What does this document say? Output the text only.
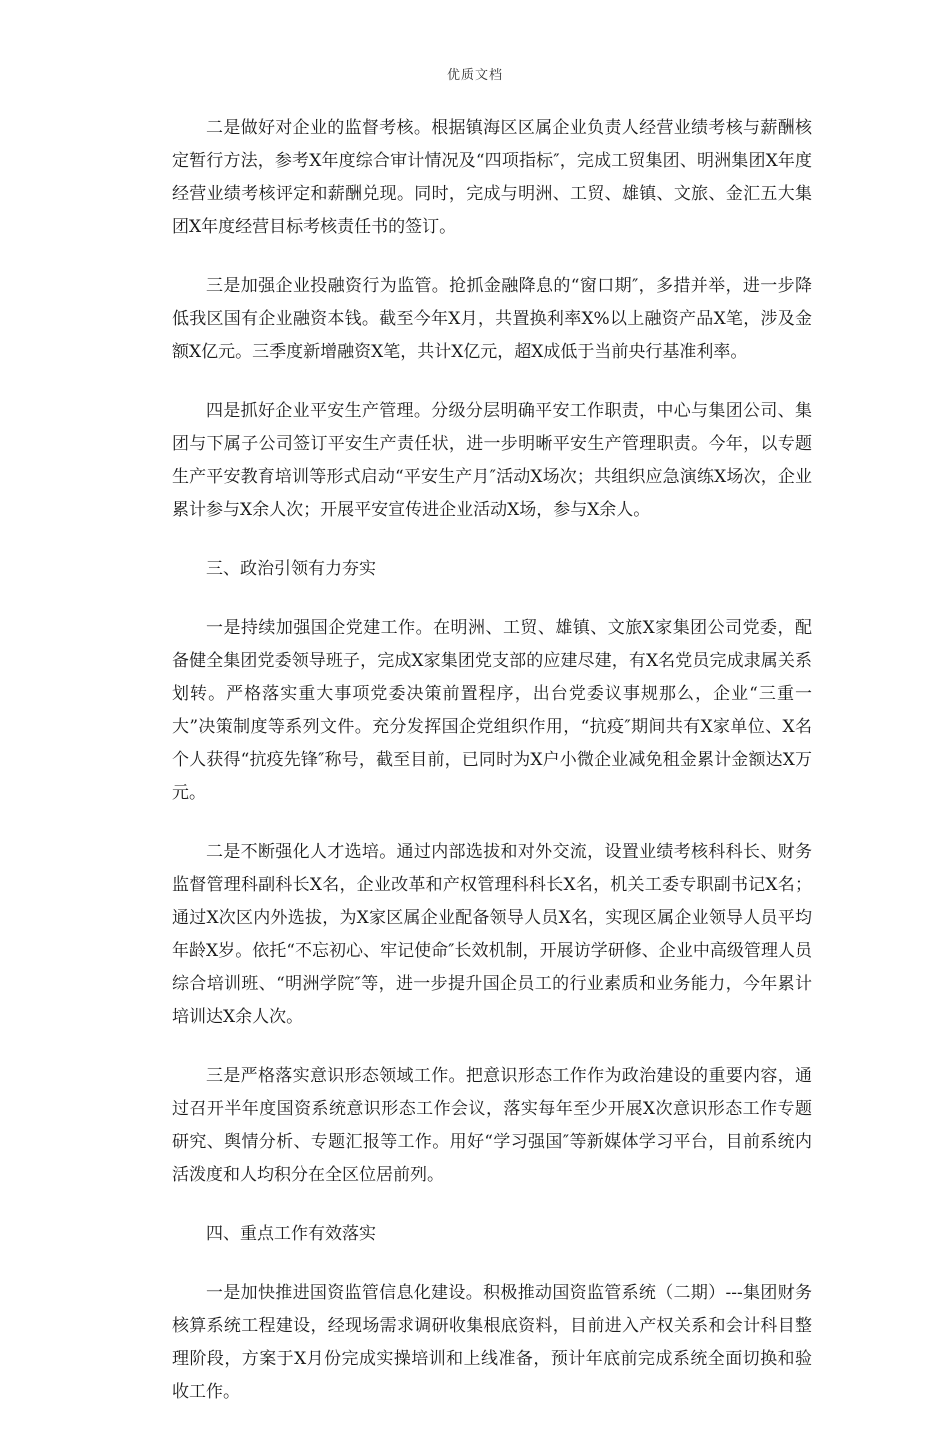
优质文档

二是做好对企业的监督考核。根据镇海区区属企业负责人经营业绩考核与薪酬核定暂行方法，参考X年度综合审计情况及“四项指标″，完成工贸集团、明洲集团X年度经营业绩考核评定和薪酬兑现。同时，完成与明洲、工贸、雄镇、文旅、金汇五大集团X年度经营目标考核责任书的签订。

三是加强企业投融资行为监管。抢抓金融降息的“窗口期″，多措并举，进一步降低我区国有企业融资本钱。截至今年X月，共置换利率X%以上融资产品X笔，涉及金额X亿元。三季度新增融资X笔，共计X亿元，超X成低于当前央行基准利率。

四是抓好企业平安生产管理。分级分层明确平安工作职责，中心与集团公司、集团与下属子公司签订平安生产责任状，进一步明晰平安生产管理职责。今年，以专题生产平安教育培训等形式启动“平安生产月″活动X场次；共组织应急演练X场次，企业累计参与X余人次；开展平安宣传进企业活动X场，参与X余人。

三、政治引领有力夯实

一是持续加强国企党建工作。在明洲、工贸、雄镇、文旅X家集团公司党委，配备健全集团党委领导班子，完成X家集团党支部的应建尽建，有X名党员完成隶属关系划转。严格落实重大事项党委决策前置程序，出台党委议事规那么，企业“三重一大”决策制度等系列文件。充分发挥国企党组织作用，“抗疫″期间共有X家单位、X名个人获得“抗疫先锋″称号，截至目前，已同时为X户小微企业减免租金累计金额达X万元。

二是不断强化人才选培。通过内部选拔和对外交流，设置业绩考核科科长、财务监督管理科副科长X名，企业改革和产权管理科科长X名，机关工委专职副书记X名；通过X次区内外选拔，为X家区属企业配备领导人员X名，实现区属企业领导人员平均年龄X岁。依托“不忘初心、牢记使命″长效机制，开展访学研修、企业中高级管理人员综合培训班、“明洲学院″等，进一步提升国企员工的行业素质和业务能力，今年累计培训达X余人次。

三是严格落实意识形态领域工作。把意识形态工作作为政治建设的重要内容，通过召开半年度国资系统意识形态工作会议，落实每年至少开展X次意识形态工作专题研究、舆情分析、专题汇报等工作。用好“学习强国″等新媒体学习平台，目前系统内活泼度和人均积分在全区位居前列。

四、重点工作有效落实

一是加快推进国资监管信息化建设。积极推动国资监管系统（二期）---集团财务核算系统工程建设，经现场需求调研收集根底资料，目前进入产权关系和会计科目整理阶段，方案于X月份完成实操培训和上线准备，预计年底前完成系统全面切换和验收工作。
